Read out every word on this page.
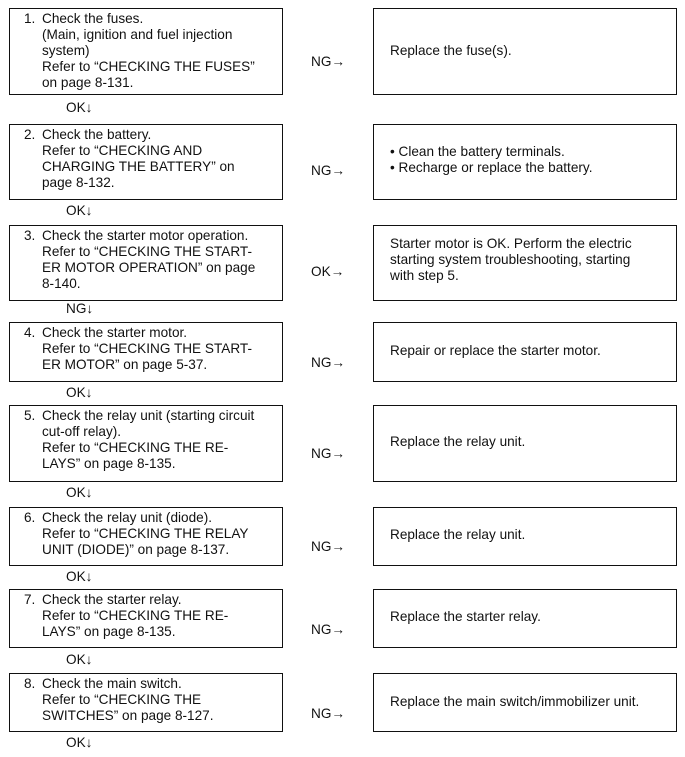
1. Check the fuses.
(Main, ignition and fuel injection
system)
Refer to “CHECKING THE FUSES”
on page 8-131.
NG→
Replace the fuse(s).
OK↓
2. Check the battery.
Refer to “CHECKING AND
CHARGING THE BATTERY” on
page 8-132.
NG→
• Clean the battery terminals.
• Recharge or replace the battery.
OK↓
3. Check the starter motor operation.
Refer to “CHECKING THE START-
ER MOTOR OPERATION” on page
8-140.
OK→
Starter motor is OK. Perform the electric
starting system troubleshooting, starting
with step 5.
NG↓
4. Check the starter motor.
Refer to “CHECKING THE START-
ER MOTOR” on page 5-37.	NG→
Repair or replace the starter motor.
OK↓
5. Check the relay unit (starting circuit
cut-off relay).
Refer to “CHECKING THE RE-
LAYS” on page 8-135.
NG→
Replace the relay unit.
OK↓
6. Check the relay unit (diode).
Refer to “CHECKING THE RELAY
UNIT (DIODE)” on page 8-137.	NG→
Replace the relay unit.
OK↓
7. Check the starter relay.
Refer to “CHECKING THE RE-
LAYS” on page 8-135.	NG→
Replace the starter relay.
OK↓
8. Check the main switch.
Refer to “CHECKING THE
SWITCHES” on page 8-127.	NG→
Replace the main switch/immobilizer unit.
OK↓
